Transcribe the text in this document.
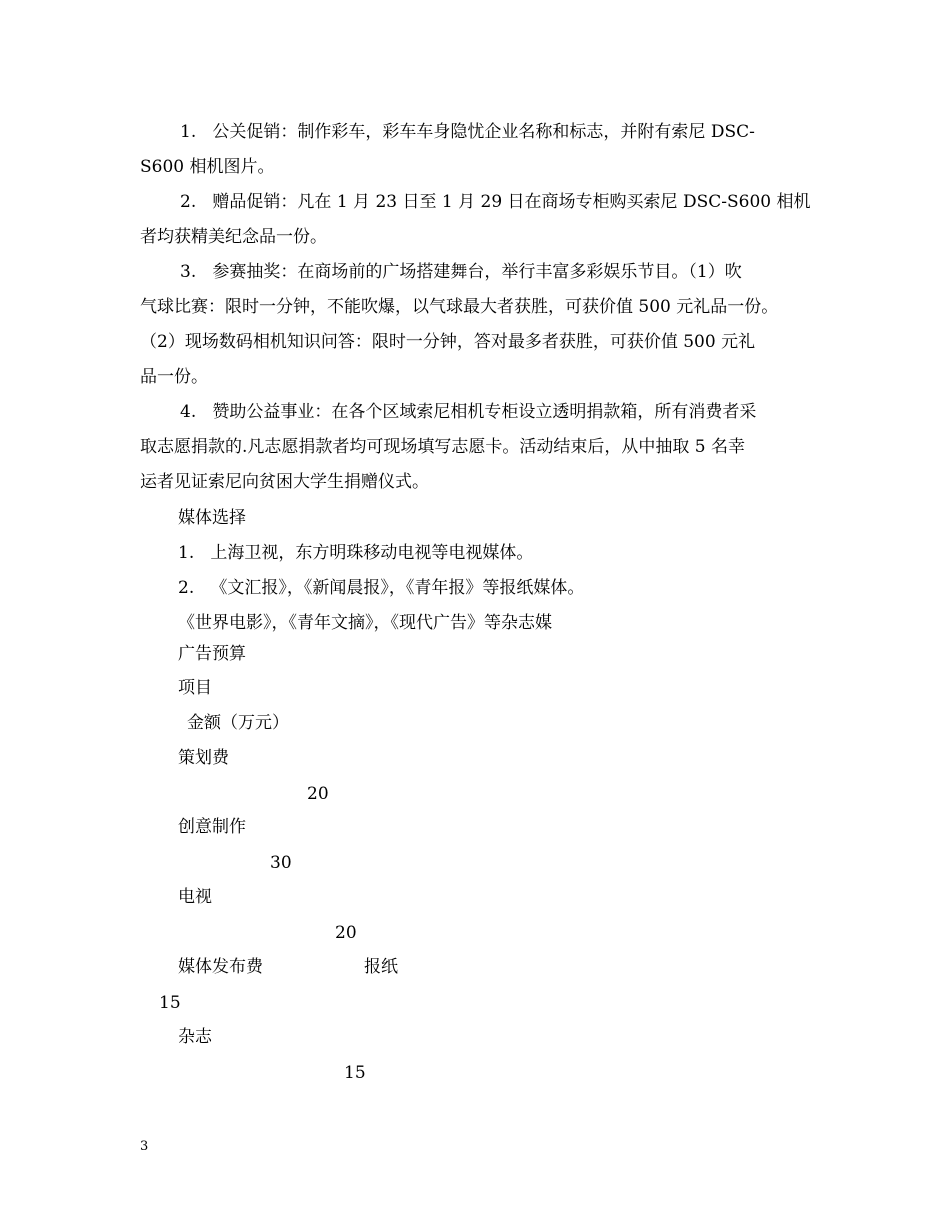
1.   公关促销：制作彩车，彩车车身隐忧企业名称和标志，并附有索尼 DSC-

S600 相机图片。

2.   赠品促销：凡在 1 月 23 日至 1 月 29 日在商场专柜购买索尼 DSC-S600 相机

者均获精美纪念品一份。

3.   参赛抽奖：在商场前的广场搭建舞台，举行丰富多彩娱乐节目。（1）吹

气球比赛：限时一分钟，不能吹爆，以气球最大者获胜，可获价值 500 元礼品一份。

（2）现场数码相机知识问答：限时一分钟，答对最多者获胜，可获价值 500 元礼

品一份。

4.   赞助公益事业：在各个区域索尼相机专柜设立透明捐款箱，所有消费者采

取志愿捐款的.凡志愿捐款者均可现场填写志愿卡。活动结束后，从中抽取 5 名幸

运者见证索尼向贫困大学生捐赠仪式。

媒体选择

1.   上海卫视，东方明珠移动电视等电视媒体。

2.   《文汇报》，《新闻晨报》，《青年报》等报纸媒体。

《世界电影》，《青年文摘》，《现代广告》等杂志媒

广告预算

项目

金额（万元）

策划费

20

创意制作

30

电视

20

媒体发布费	报纸

15

杂志

15

3
